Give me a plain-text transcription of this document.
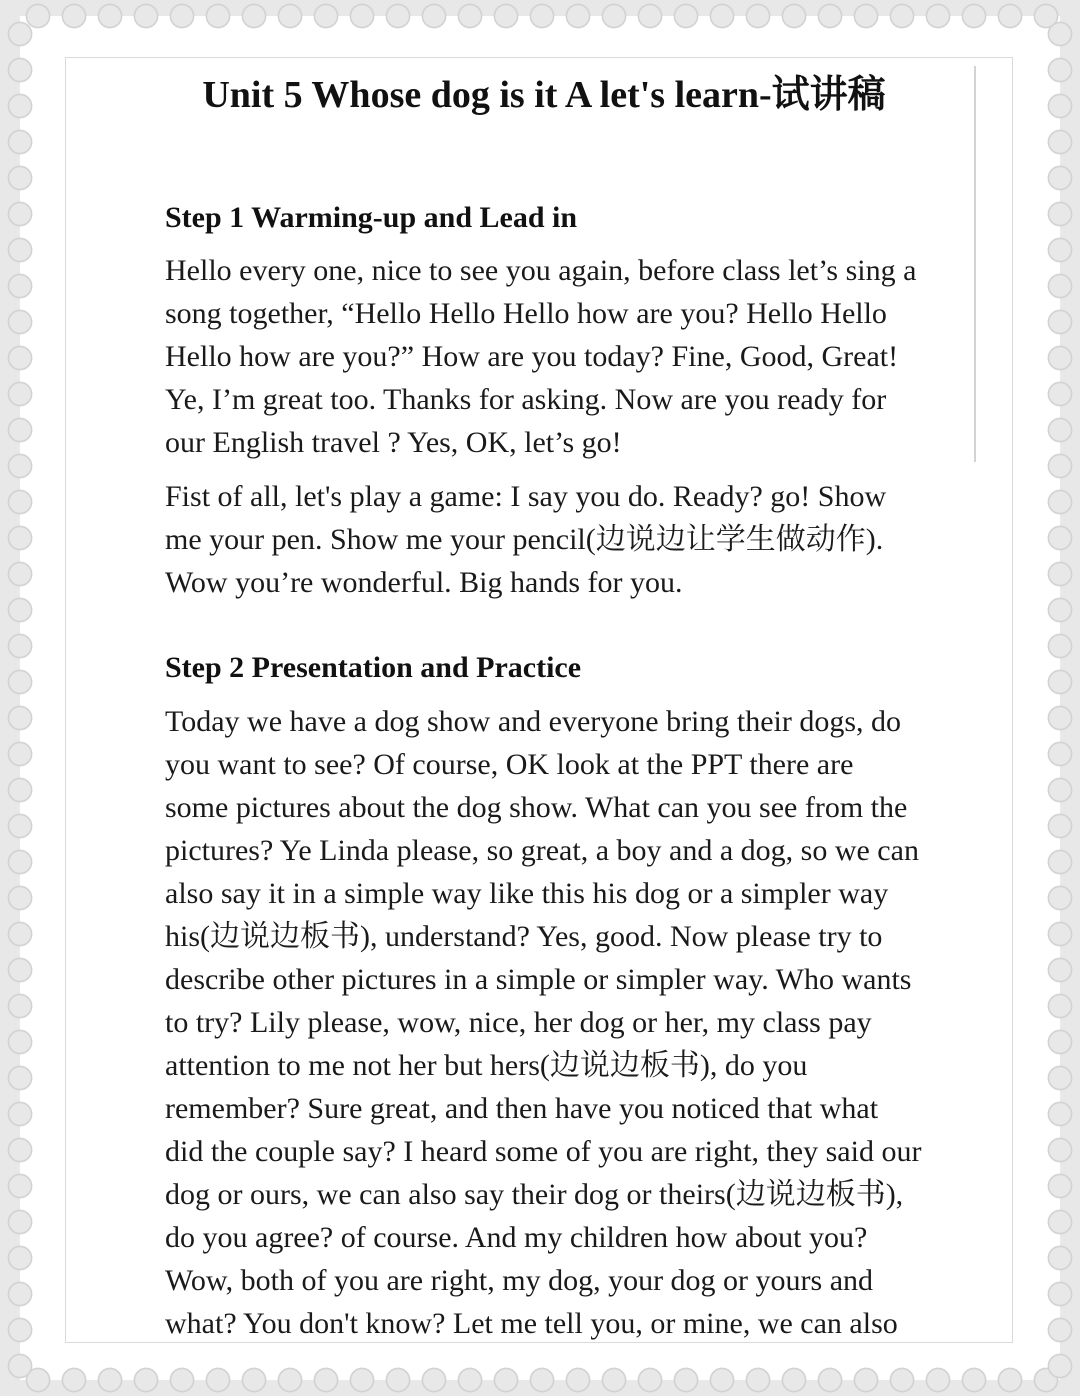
Unit 5 Whose dog is it A let's learn-试讲稿
Step 1 Warming-up and Lead in
Hello every one, nice to see you again, before class let’s sing a
song together, “Hello Hello Hello how are you? Hello Hello
Hello how are you?” How are you today? Fine, Good, Great!
Ye, I’m great too. Thanks for asking. Now are you ready for
our English travel ? Yes, OK, let’s go!
Fist of all, let's play a game: I say you do. Ready? go! Show
me your pen. Show me your pencil(边说边让学生做动作).
Wow you’re wonderful. Big hands for you.
Step 2 Presentation and Practice
Today we have a dog show and everyone bring their dogs, do
you want to see? Of course, OK look at the PPT there are
some pictures about the dog show. What can you see from the
pictures? Ye Linda please, so great, a boy and a dog, so we can
also say it in a simple way like this his dog or a simpler way
his(边说边板书), understand? Yes, good. Now please try to
describe other pictures in a simple or simpler way. Who wants
to try? Lily please, wow, nice, her dog or her, my class pay
attention to me not her but hers(边说边板书), do you
remember? Sure great, and then have you noticed that what
did the couple say? I heard some of you are right, they said our
dog or ours, we can also say their dog or theirs(边说边板书),
do you agree? of course. And my children how about you?
Wow, both of you are right, my dog, your dog or yours and
what? You don't know? Let me tell you, or mine, we can also
